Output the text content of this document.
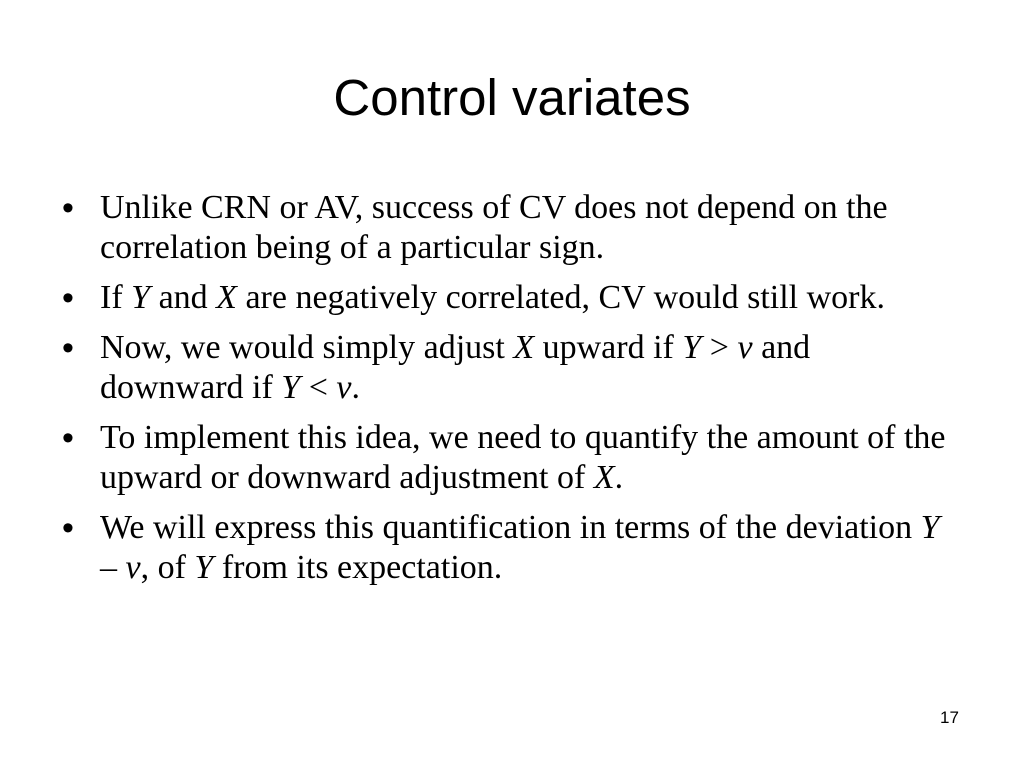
Control variates
• Unlike CRN or AV, success of CV does not depend on the
correlation being of a particular sign.
• If Y and X are negatively correlated, CV would still work.
• Now, we would simply adjust X upward if Y > v and
downward if Y < v.
• To implement this idea, we need to quantify the amount of the
upward or downward adjustment of X.
• We will express this quantification in terms of the deviation Y
– v, of Y from its expectation.
17
